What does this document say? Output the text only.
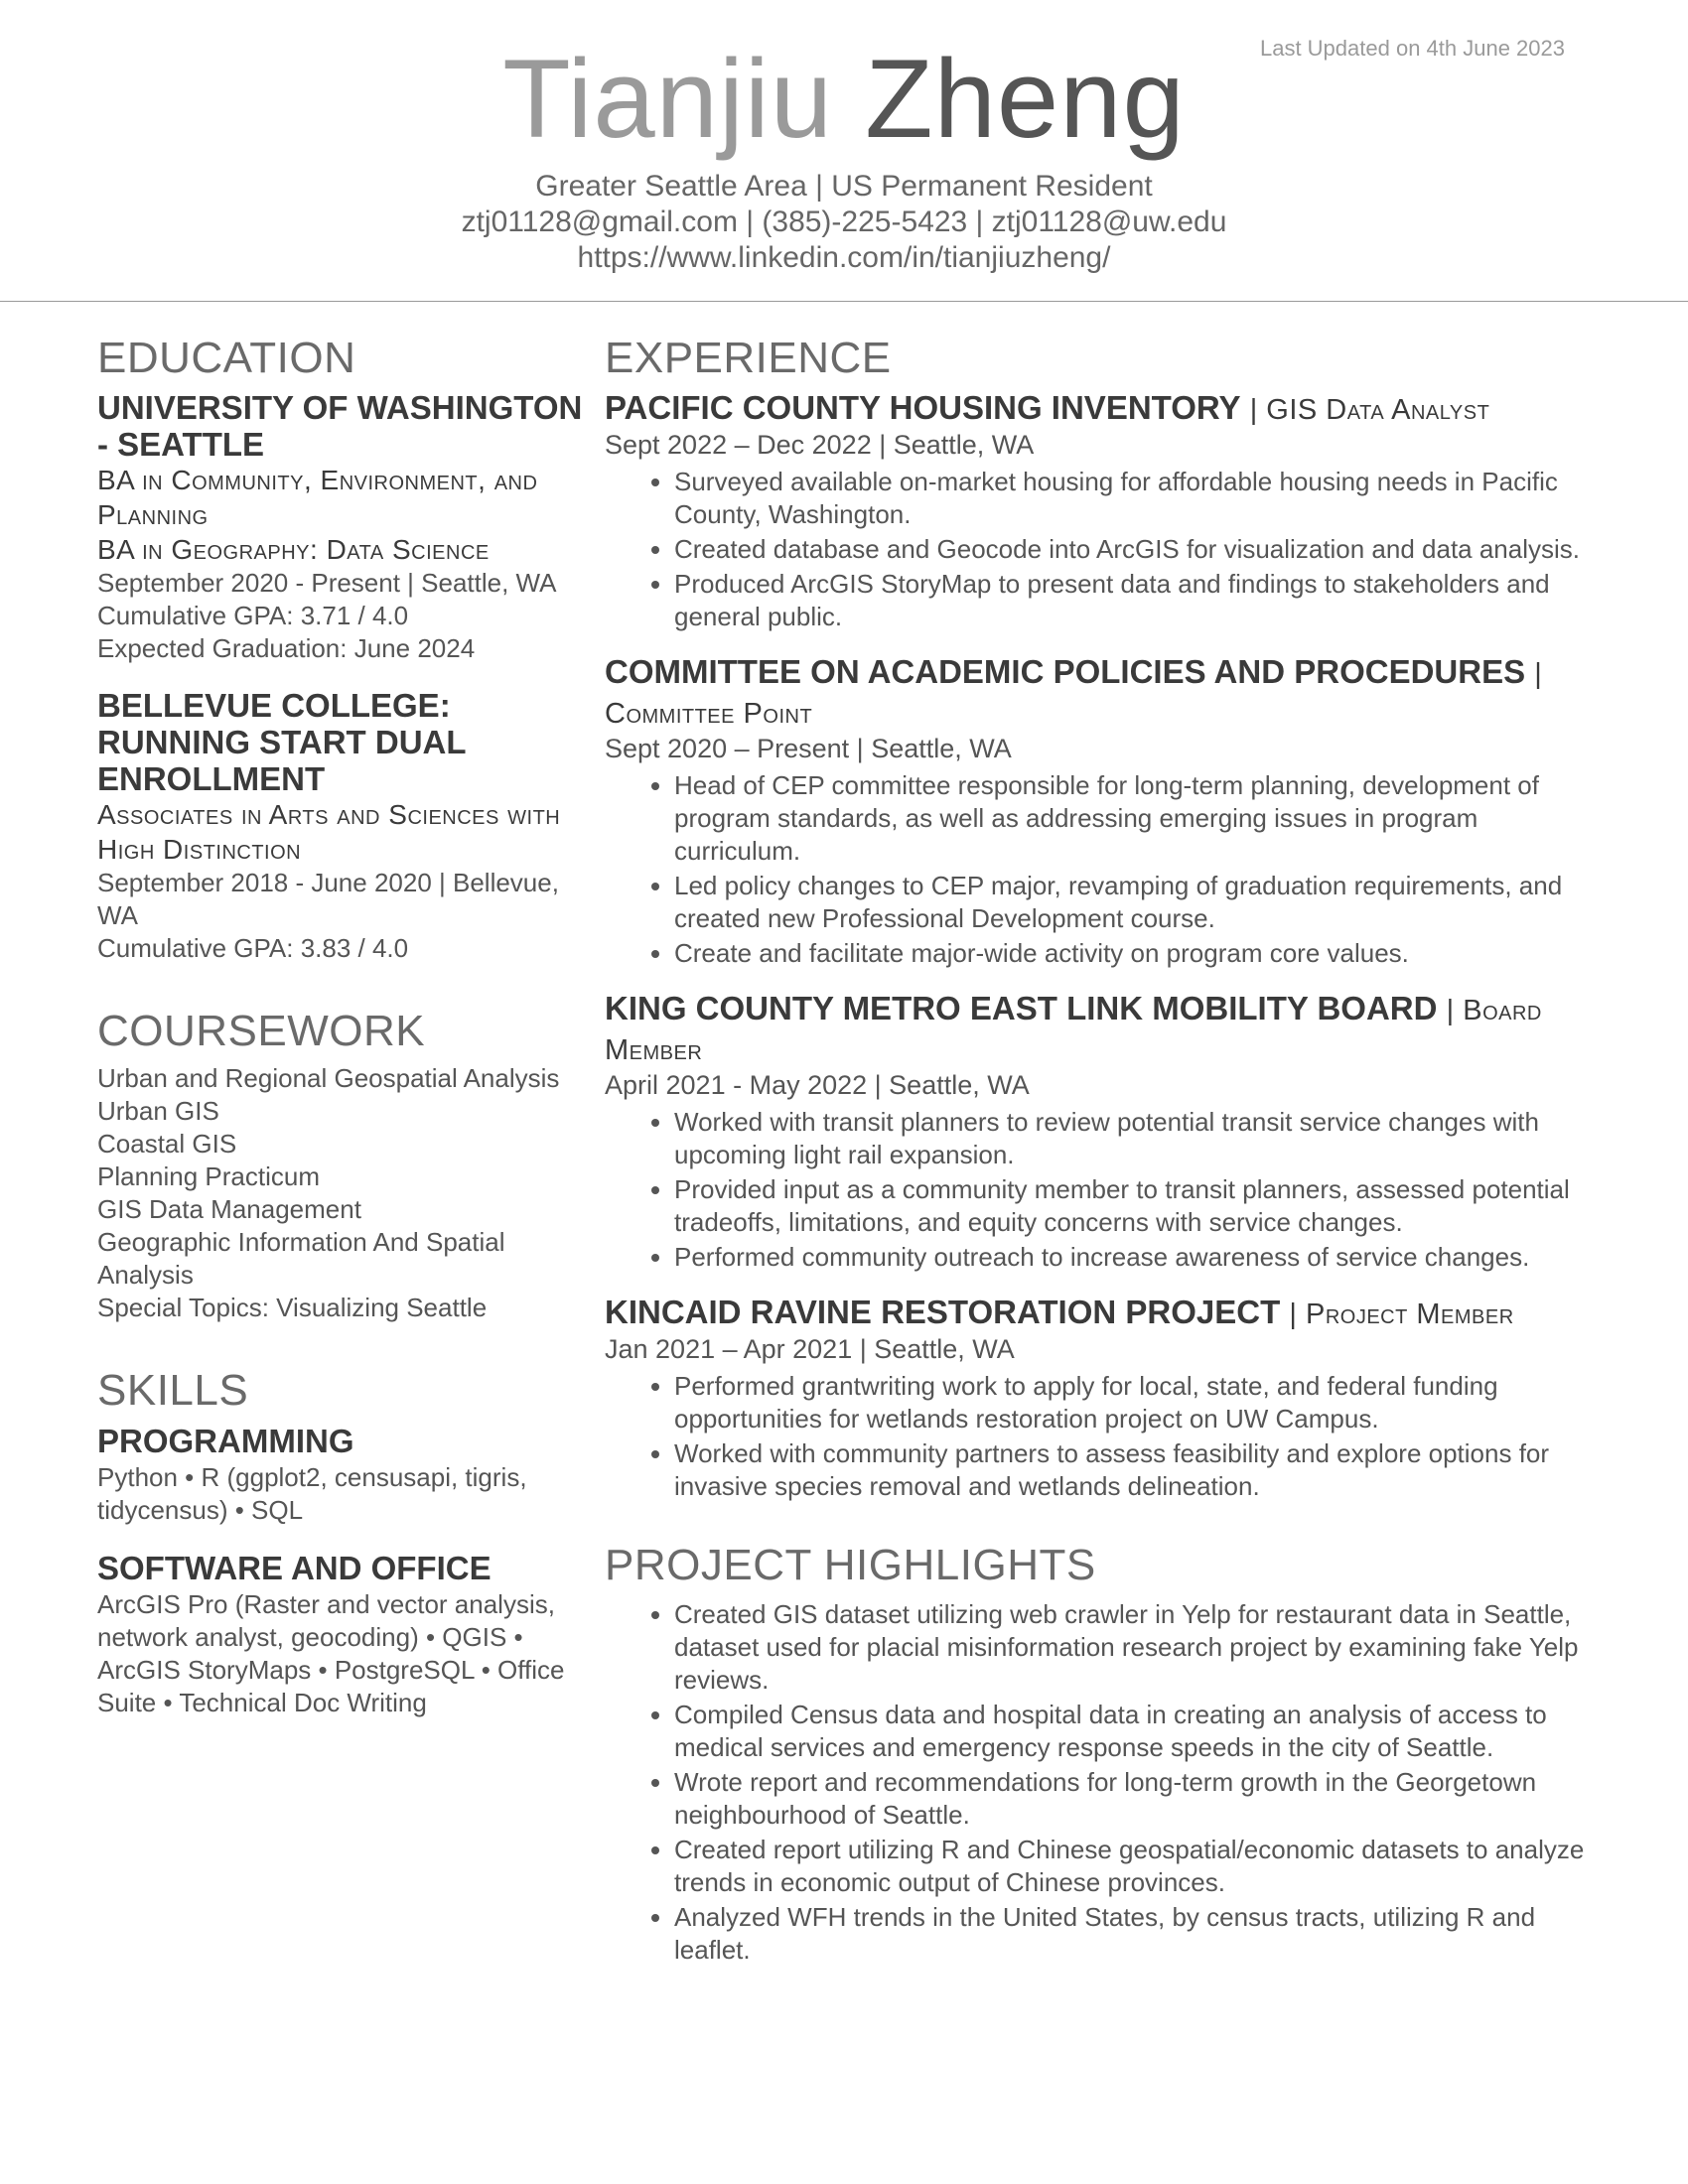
Last Updated on 4th June 2023
Tianjiu Zheng
Greater Seattle Area | US Permanent Resident
ztj01128@gmail.com | (385)-225-5423 | ztj01128@uw.edu
https://www.linkedin.com/in/tianjiuzheng/
EDUCATION
UNIVERSITY OF WASHINGTON - SEATTLE
BA in Community, Environment, and Planning
BA in Geography: Data Science
September 2020 - Present | Seattle, WA
Cumulative GPA: 3.71 / 4.0
Expected Graduation: June 2024
BELLEVUE COLLEGE: RUNNING START DUAL ENROLLMENT
Associates in Arts and Sciences with High Distinction
September 2018 - June 2020 | Bellevue, WA
Cumulative GPA: 3.83 / 4.0
COURSEWORK
Urban and Regional Geospatial Analysis
Urban GIS
Coastal GIS
Planning Practicum
GIS Data Management
Geographic Information And Spatial Analysis
Special Topics: Visualizing Seattle
SKILLS
PROGRAMMING
Python • R (ggplot2, censusapi, tigris, tidycensus) • SQL
SOFTWARE AND OFFICE
ArcGIS Pro (Raster and vector analysis, network analyst, geocoding) • QGIS • ArcGIS StoryMaps • PostgreSQL • Office Suite • Technical Doc Writing
EXPERIENCE
PACIFIC COUNTY HOUSING INVENTORY | GIS Data Analyst
Sept 2022 – Dec 2022 | Seattle, WA
• Surveyed available on-market housing for affordable housing needs in Pacific County, Washington.
• Created database and Geocode into ArcGIS for visualization and data analysis.
• Produced ArcGIS StoryMap to present data and findings to stakeholders and general public.
COMMITTEE ON ACADEMIC POLICIES AND PROCEDURES | Committee Point
Sept 2020 – Present | Seattle, WA
• Head of CEP committee responsible for long-term planning, development of program standards, as well as addressing emerging issues in program curriculum.
• Led policy changes to CEP major, revamping of graduation requirements, and created new Professional Development course.
• Create and facilitate major-wide activity on program core values.
KING COUNTY METRO EAST LINK MOBILITY BOARD | Board Member
April 2021 - May 2022 | Seattle, WA
• Worked with transit planners to review potential transit service changes with upcoming light rail expansion.
• Provided input as a community member to transit planners, assessed potential tradeoffs, limitations, and equity concerns with service changes.
• Performed community outreach to increase awareness of service changes.
KINCAID RAVINE RESTORATION PROJECT | Project Member
Jan 2021 – Apr 2021 | Seattle, WA
• Performed grantwriting work to apply for local, state, and federal funding opportunities for wetlands restoration project on UW Campus.
• Worked with community partners to assess feasibility and explore options for invasive species removal and wetlands delineation.
PROJECT HIGHLIGHTS
• Created GIS dataset utilizing web crawler in Yelp for restaurant data in Seattle, dataset used for placial misinformation research project by examining fake Yelp reviews.
• Compiled Census data and hospital data in creating an analysis of access to medical services and emergency response speeds in the city of Seattle.
• Wrote report and recommendations for long-term growth in the Georgetown neighbourhood of Seattle.
• Created report utilizing R and Chinese geospatial/economic datasets to analyze trends in economic output of Chinese provinces.
• Analyzed WFH trends in the United States, by census tracts, utilizing R and leaflet.
